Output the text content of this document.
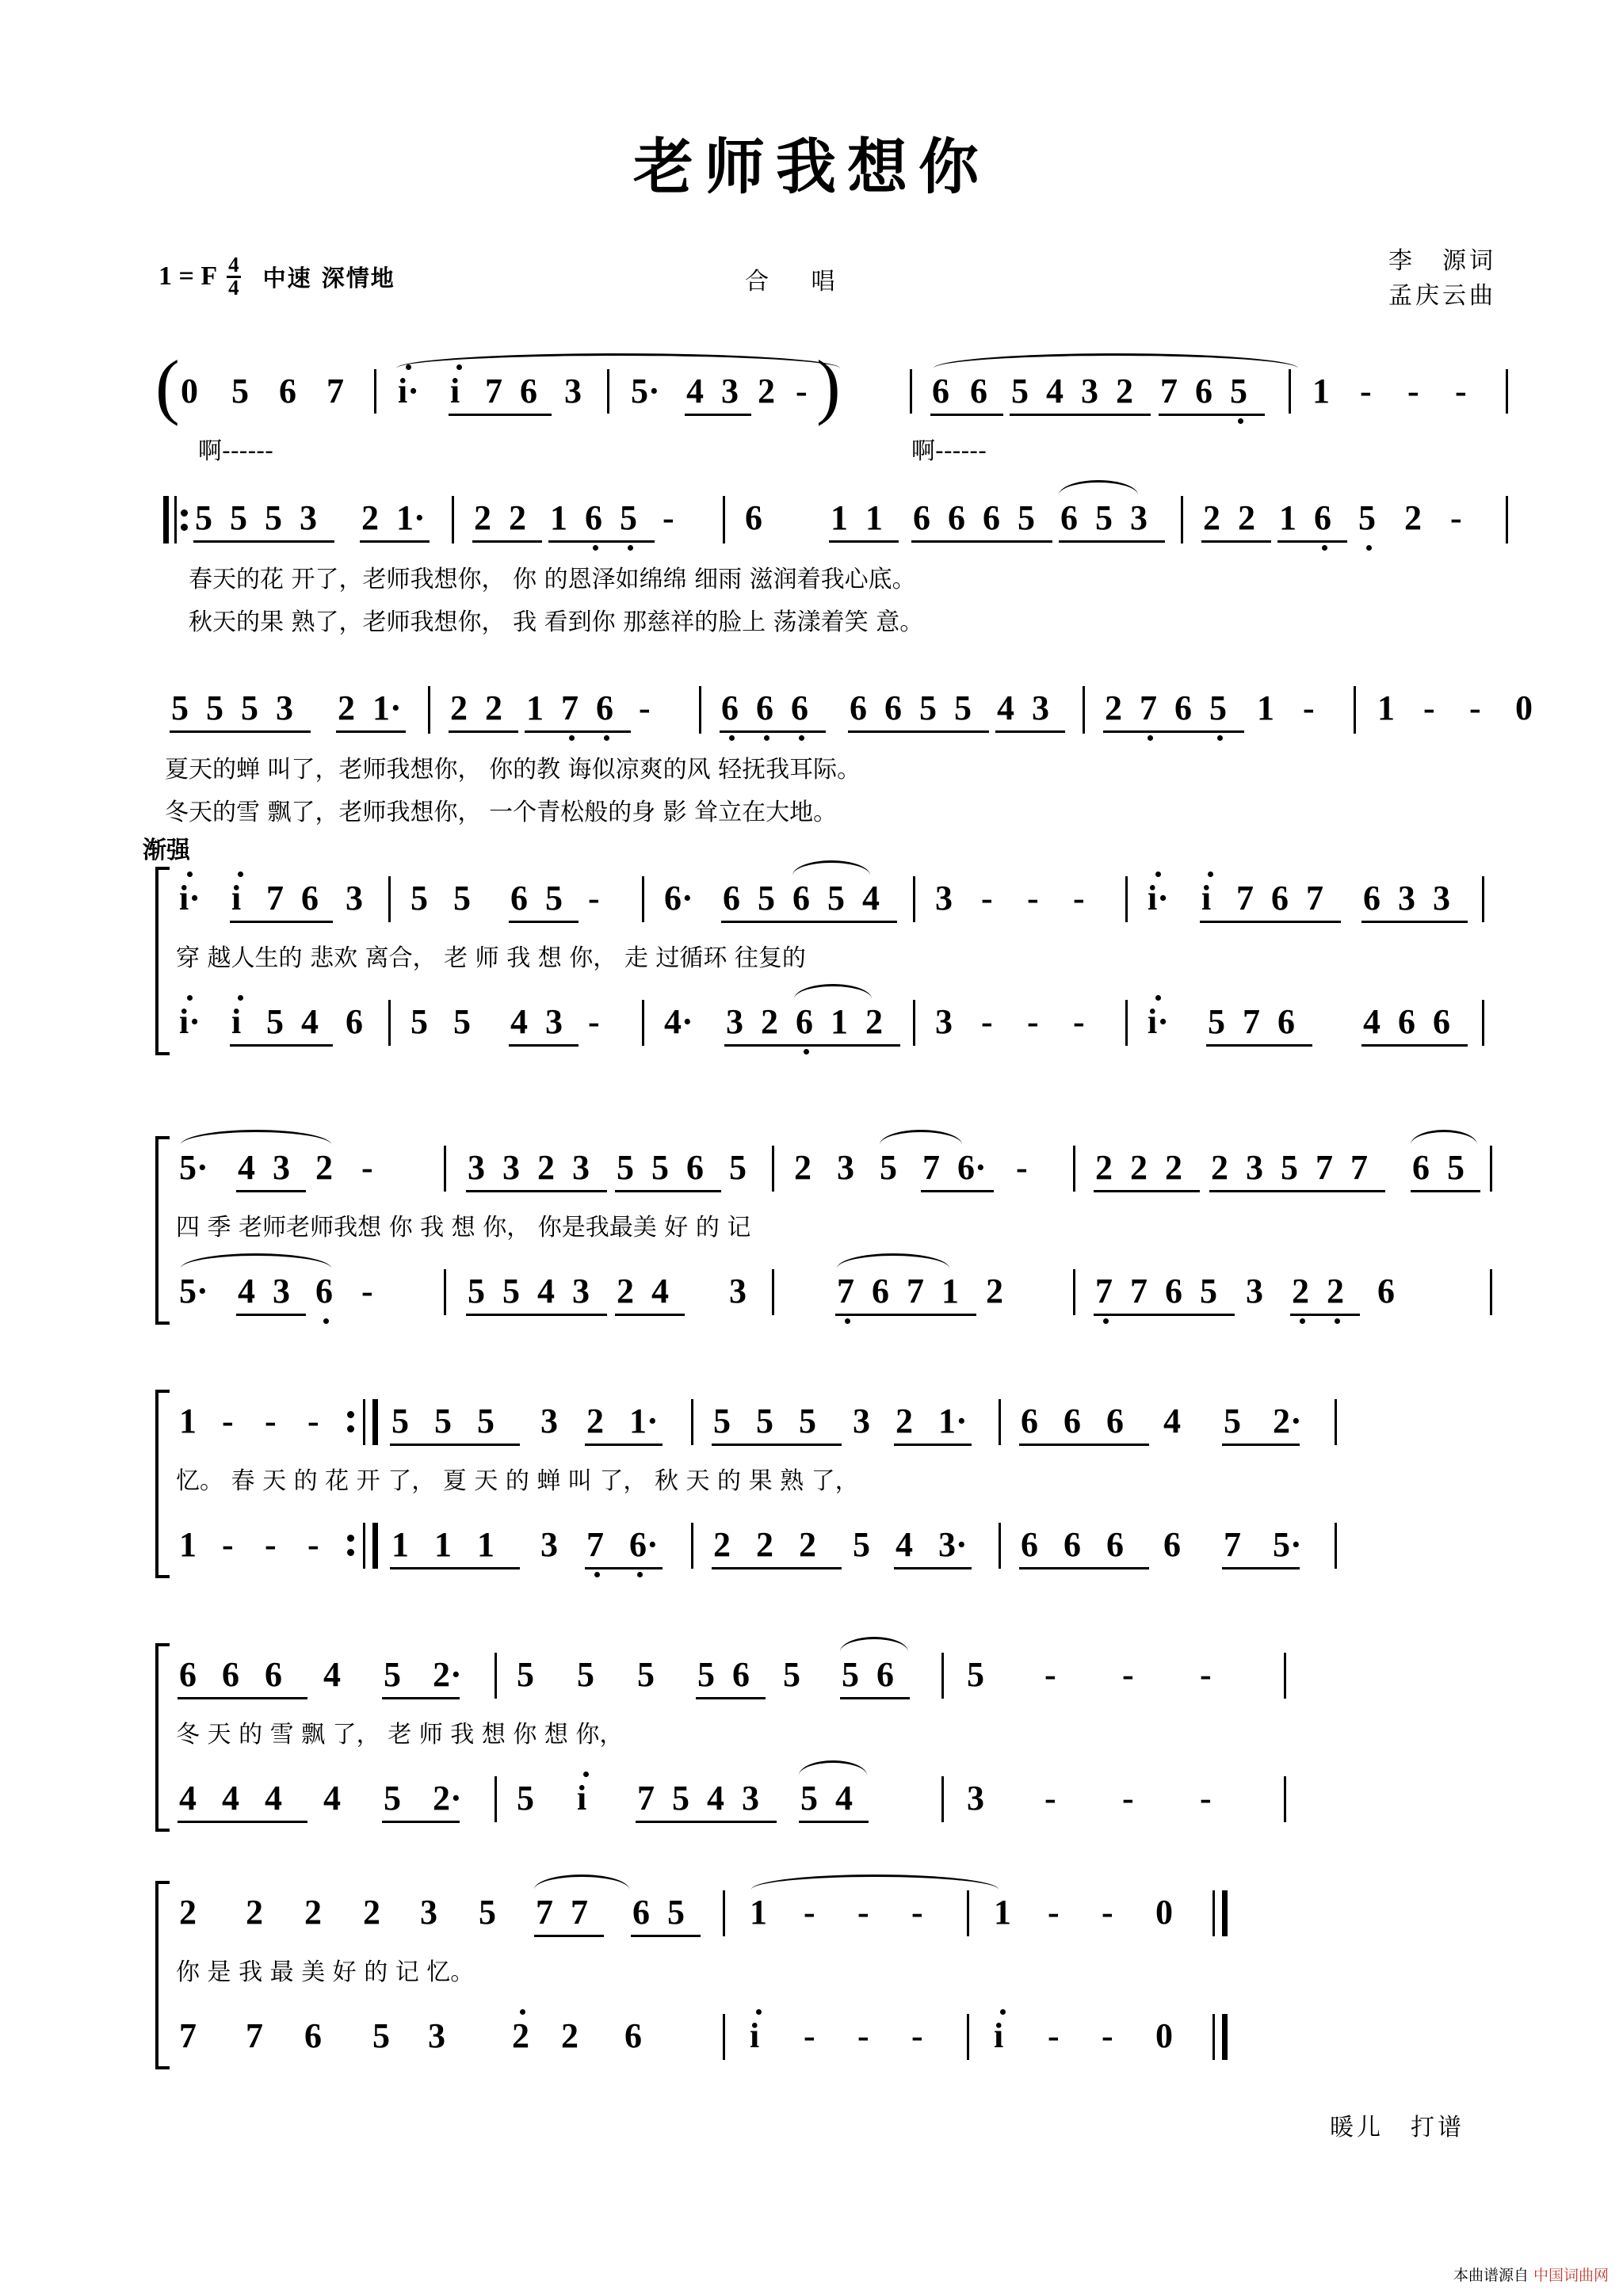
老师我想你
1 = F $\frac{4}{4}$ 中速 深情地	合 唱
李　源词
孟庆云曲
(	)
0 5 6 7 i· i 7 6 3 5· 4 3 2 -	6 6 5 4 3 2 7 6 5 1 - - -
啊------	啊------
5 5 5 3 2 1· 2 2 1 6 5 - 6 1 1 6 6 6 5 6 5 3 2 2 1 6 5 2 -
春天的花 开了，老师我想你， 你 的恩泽如绵绵 细雨 滋润着我心底。
秋天的果 熟了，老师我想你， 我 看到你 那慈祥的脸上 荡漾着笑 意。
5 5 5 3 2 1· 2 2 1 7 6 - 6 6 6 6 6 5 5 4 3 2 7 6 5 1 - 1 - - 0
夏天的蝉 叫了，老师我想你， 你的教 诲似凉爽的风 轻抚我耳际。
冬天的雪 飘了，老师我想你， 一个青松般的身 影 耸立在大地。
渐强
i· i 7 6 3 5 5 6 5 - 6· 6 5 6 5 4 3 - - - i· i 7 6 7 6 3 3
穿 越人生的 悲欢 离合， 老 师 我 想 你， 走 过循环 往复的
i· i 5 4 6 5 5 4 3 - 4· 3 2 6 1 2 3 - - - i· 5 7 6 4 6 6
5· 4 3 2 -	3 3 2 3 5 5 6 5 2 3 5 7 6· - 2 2 2 2 3 5 7 7 6 5
四 季 老师老师我想 你 我 想 你， 你是我最美 好 的 记
5· 4 3 6 -	5 5 4 3 2 4 3	7 6 7 1 2	7 7 6 5 3 2 2 6
1 - - - 5 5 5 3 2 1· 5 5 5 3 2 1· 6 6 6 4 5 2·
忆。 春 天 的 花 开 了， 夏 天 的 蝉 叫 了， 秋 天 的 果 熟 了，
1 - - - 1 1 1 3 7 6· 2 2 2 5 4 3· 6 6 6 6 7 5·
6 6 6 4 5 2· 5 5 5 5 6 5 5 6 5 - - -
冬 天 的 雪 飘 了， 老 师 我 想 你 想 你，
4 4 4 4 5 2· 5 i 7 5 4 3 5 4	3 - - -
2 2 2 2 3 5 7 7 6 5 1 - - - 1 - - 0
你 是 我 最 美 好 的 记 忆。
7 7 6 5 3 2 2 6	i - - - i - - 0
暖儿　打谱
本曲谱源自 中国词曲网
